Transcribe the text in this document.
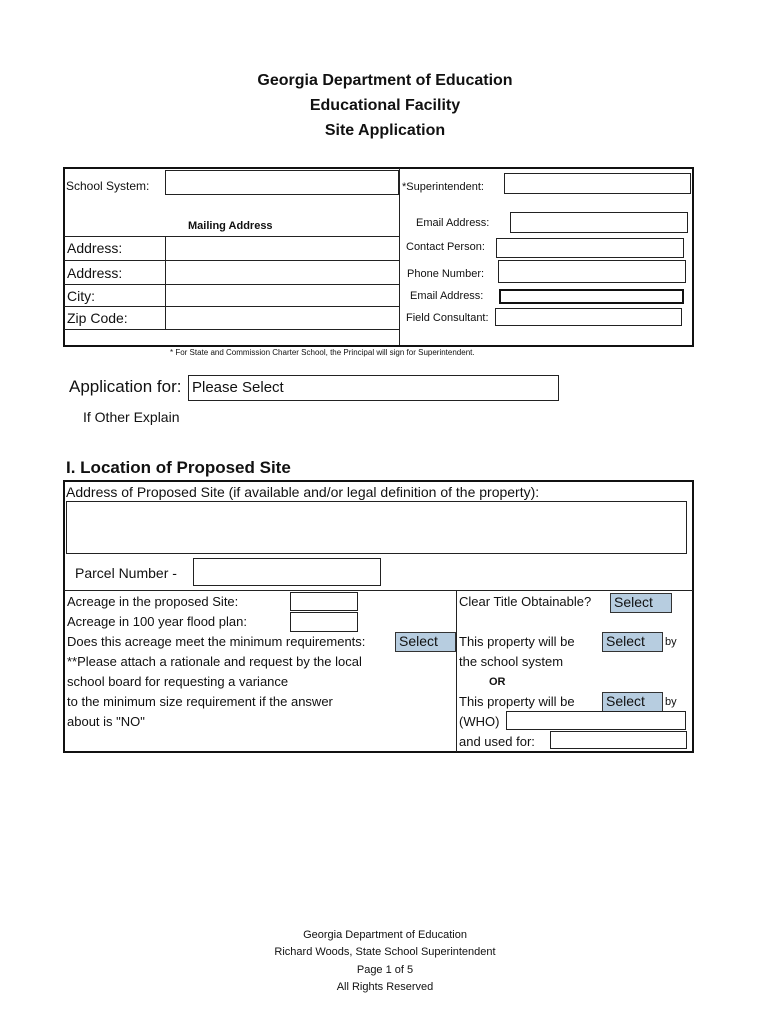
Georgia Department of Education
Educational Facility
Site Application
School System:
Mailing Address
Address:
Address:
City:
Zip Code:
*Superintendent:
Email Address:
Contact Person:
Phone Number:
Email Address:
Field Consultant:
* For State and Commission Charter School, the Principal will sign for Superintendent.
Application for: Please Select
If Other Explain
I. Location of Proposed Site
Address of Proposed Site (if available and/or legal definition of the property):
Parcel Number -
Acreage in the proposed Site:
Acreage in 100 year flood plan:
Does this acreage meet the minimum requirements: Select
**Please attach a rationale and request by the local
school board for requesting a variance
to the minimum size requirement if the answer
about is "NO"
Clear Title Obtainable? Select
This property will be Select	by
the school system
OR
This property will be Select	by
(WHO)
and used for:
Georgia Department of Education
Richard Woods, State School Superintendent
Page 1 of 5
All Rights Reserved
